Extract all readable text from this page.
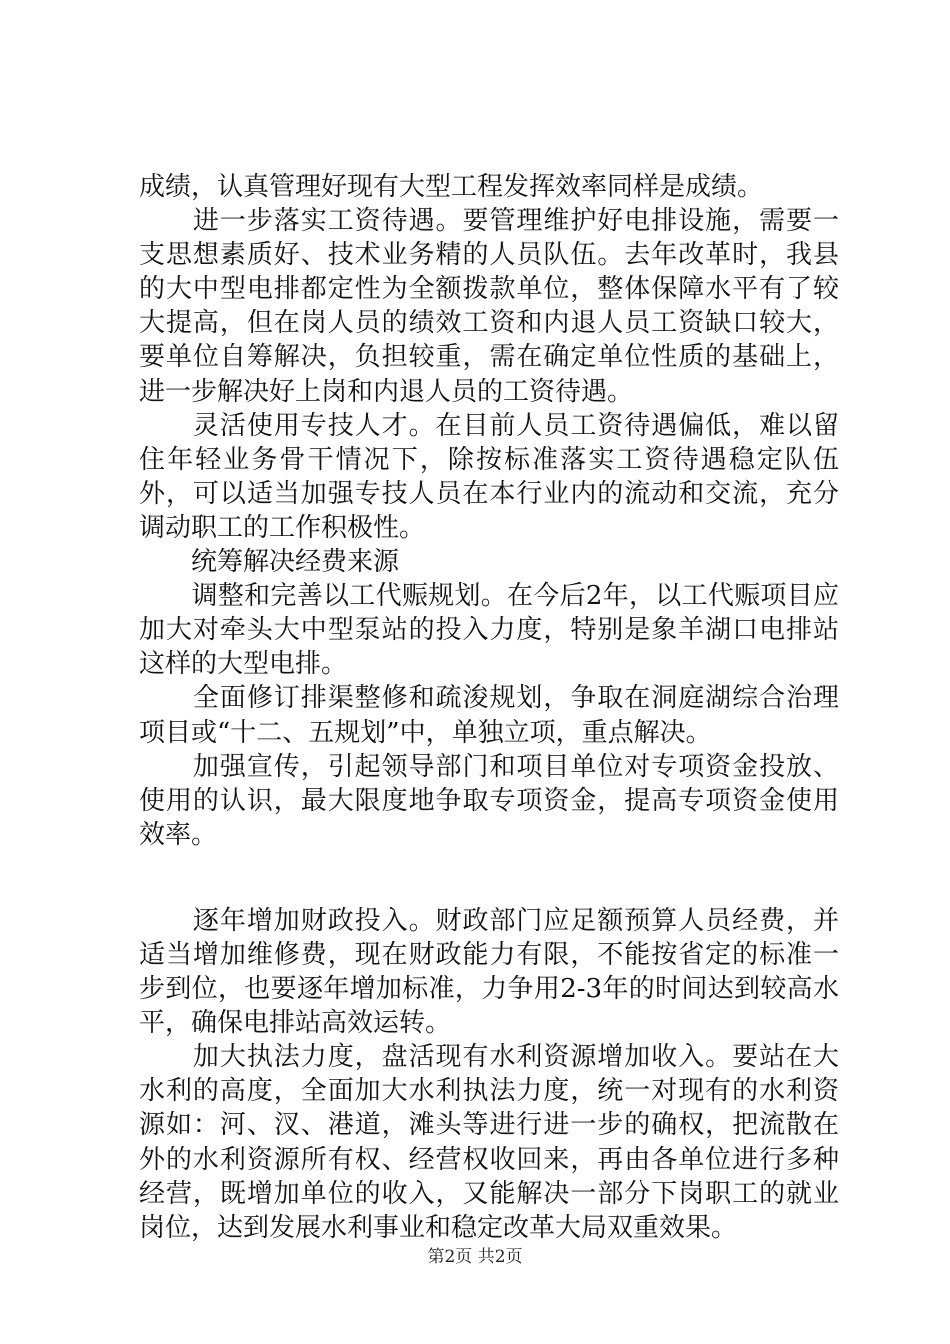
成绩，认真管理好现有大型工程发挥效率同样是成绩。

　　进一步落实工资待遇。要管理维护好电排设施，需要一支思想素质好、技术业务精的人员队伍。去年改革时，我县的大中型电排都定性为全额拨款单位，整体保障水平有了较大提高，但在岗人员的绩效工资和内退人员工资缺口较大，要单位自筹解决，负担较重，需在确定单位性质的基础上，进一步解决好上岗和内退人员的工资待遇。

　　灵活使用专技人才。在目前人员工资待遇偏低，难以留住年轻业务骨干情况下，除按标准落实工资待遇稳定队伍外，可以适当加强专技人员在本行业内的流动和交流，充分调动职工的工作积极性。

　　统筹解决经费来源

　　调整和完善以工代赈规划。在今后2年，以工代赈项目应加大对牵头大中型泵站的投入力度，特别是象羊湖口电排站这样的大型电排。

　　全面修订排渠整修和疏浚规划，争取在洞庭湖综合治理项目或“十二、五规划”中，单独立项，重点解决。

　　加强宣传，引起领导部门和项目单位对专项资金投放、使用的认识，最大限度地争取专项资金，提高专项资金使用效率。

　　逐年增加财政投入。财政部门应足额预算人员经费，并适当增加维修费，现在财政能力有限，不能按省定的标准一步到位，也要逐年增加标准，力争用2-3年的时间达到较高水平，确保电排站高效运转。

　　加大执法力度，盘活现有水利资源增加收入。要站在大水利的高度，全面加大水利执法力度，统一对现有的水利资源如：河、汊、港道，滩头等进行进一步的确权，把流散在外的水利资源所有权、经营权收回来，再由各单位进行多种经营，既增加单位的收入，又能解决一部分下岗职工的就业岗位，达到发展水利事业和稳定改革大局双重效果。

第2页 共2页
